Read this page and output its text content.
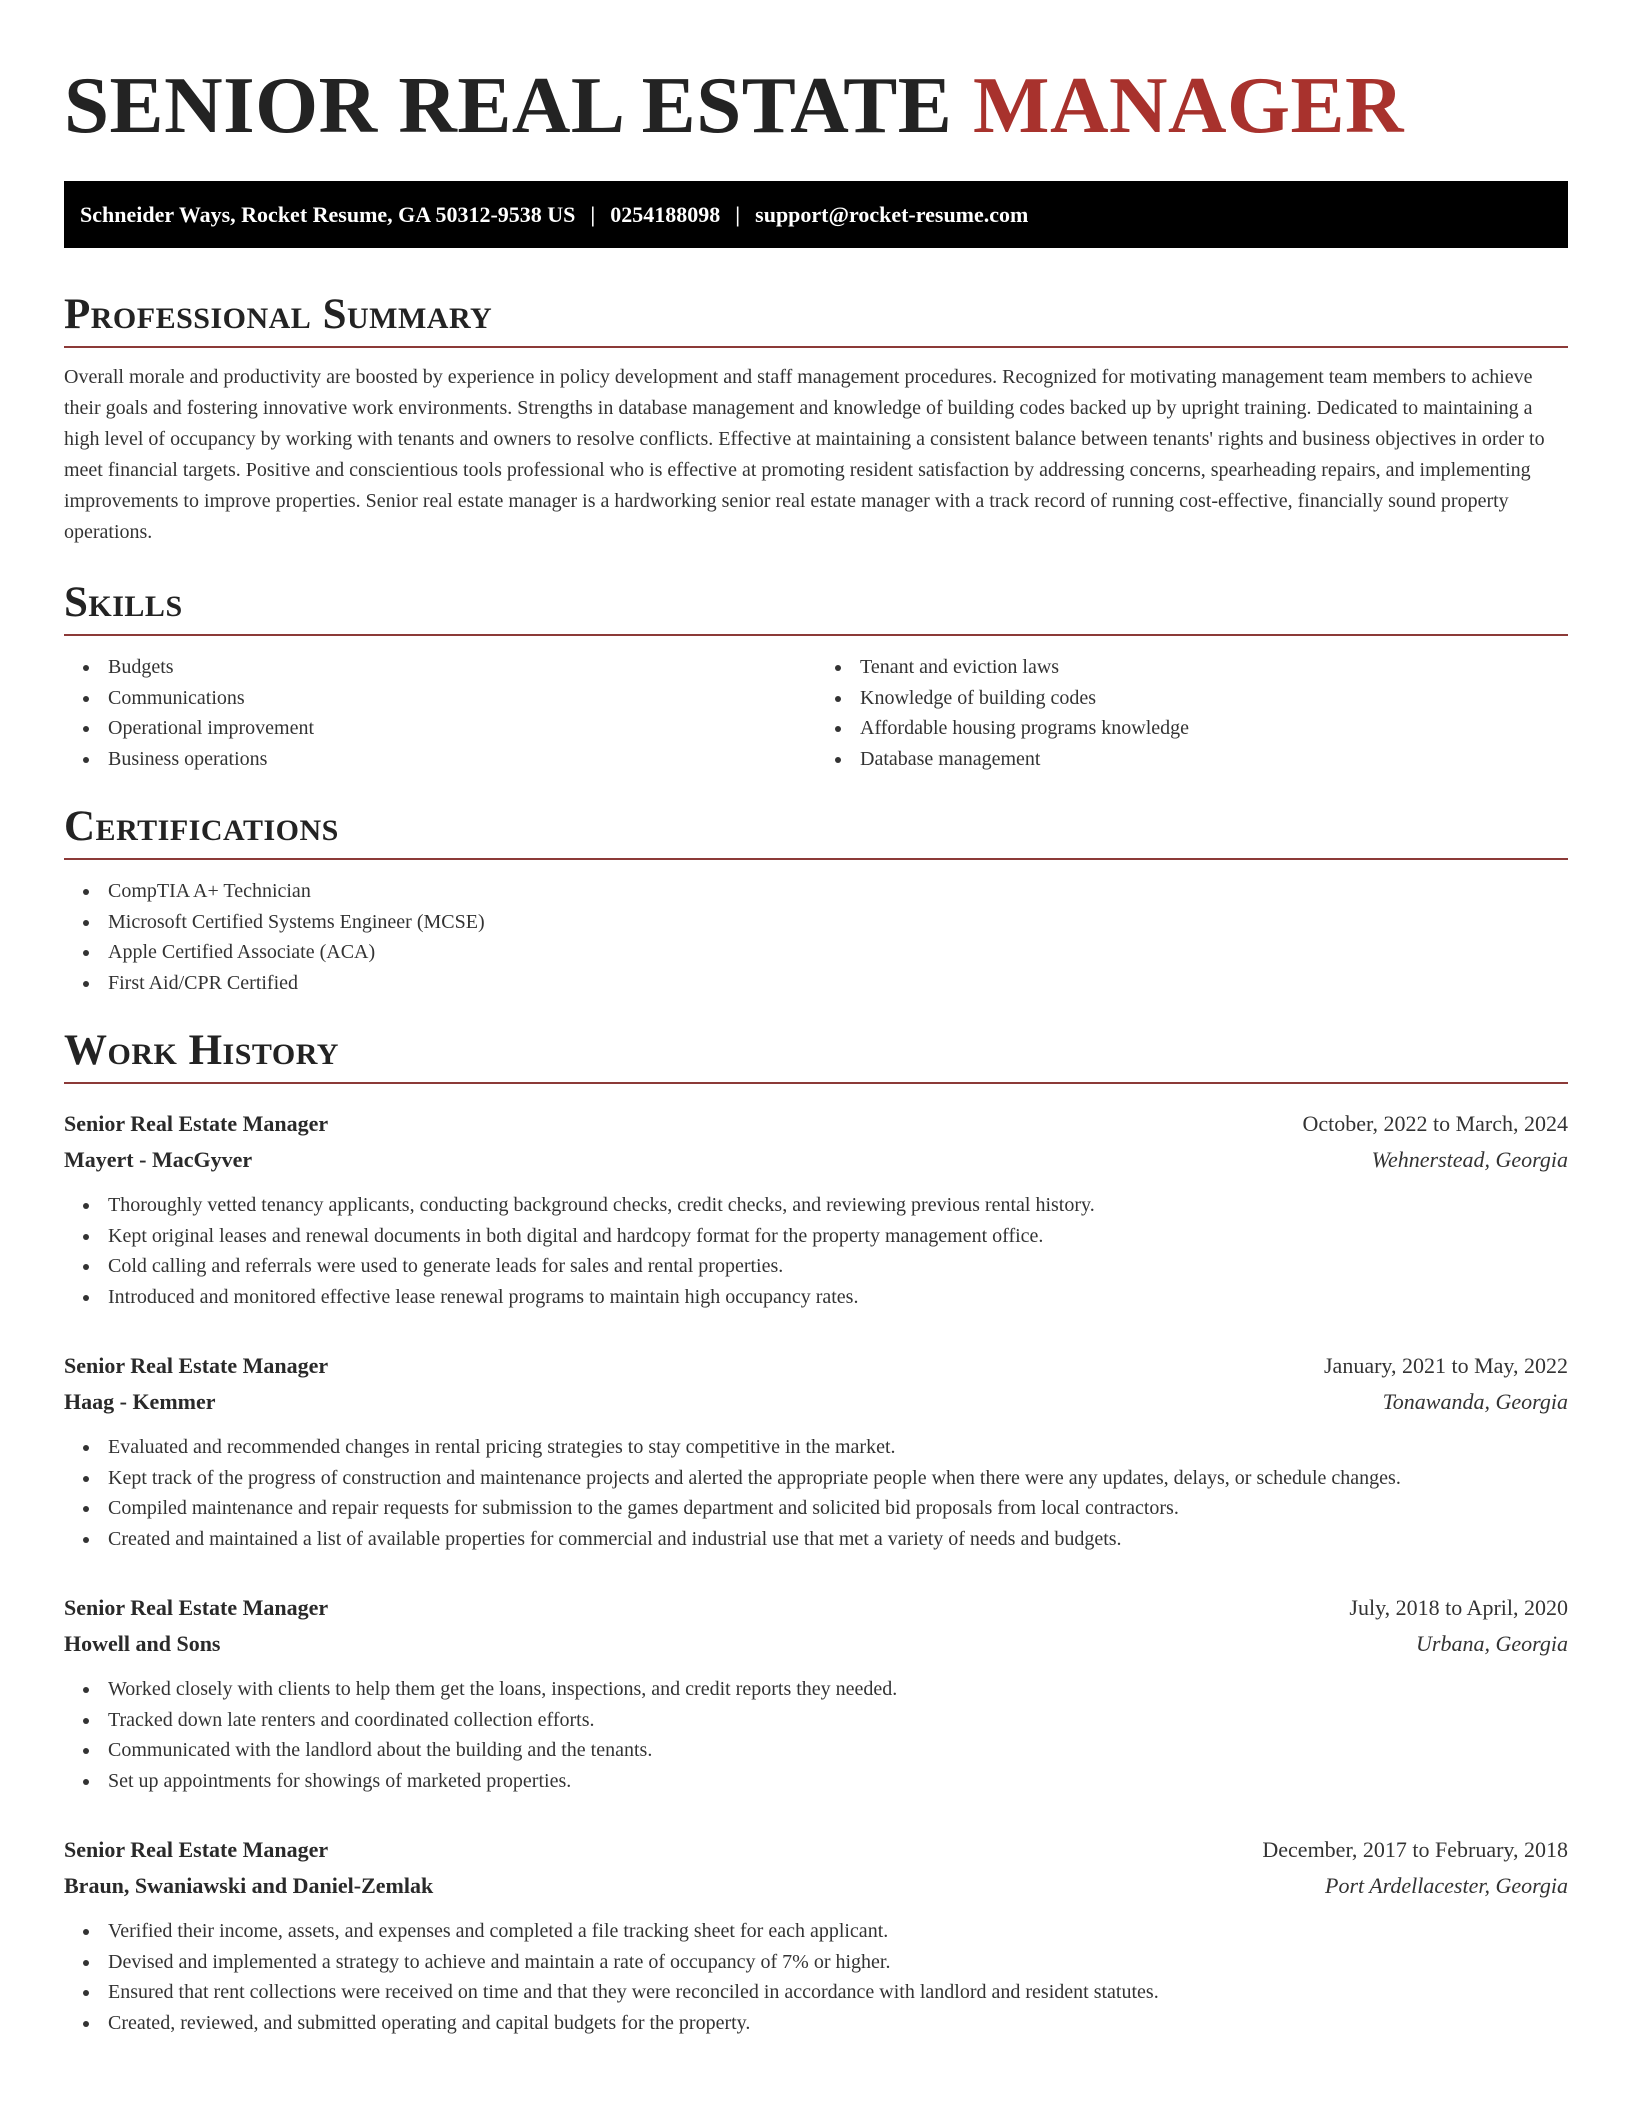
SENIOR REAL ESTATE MANAGER
Schneider Ways, Rocket Resume, GA 50312-9538 US | 0254188098 | support@rocket-resume.com
Professional Summary

Overall morale and productivity are boosted by experience in policy development and staff management procedures. Recognized for motivating management team members to achieve their goals and fostering innovative work environments. Strengths in database management and knowledge of building codes backed up by upright training. Dedicated to maintaining a high level of occupancy by working with tenants and owners to resolve conflicts. Effective at maintaining a consistent balance between tenants' rights and business objectives in order to meet financial targets. Positive and conscientious tools professional who is effective at promoting resident satisfaction by addressing concerns, spearheading repairs, and implementing improvements to improve properties. Senior real estate manager is a hardworking senior real estate manager with a track record of running cost-effective, financially sound property operations.

Skills
Budgets
Communications
Operational improvement
Business operations
Tenant and eviction laws
Knowledge of building codes
Affordable housing programs knowledge
Database management
Certifications
CompTIA A+ Technician
Microsoft Certified Systems Engineer (MCSE)
Apple Certified Associate (ACA)
First Aid/CPR Certified
Work History
Senior Real Estate Manager	October, 2022 to March, 2024
Mayert - MacGyver	Wehnerstead, Georgia
Thoroughly vetted tenancy applicants, conducting background checks, credit checks, and reviewing previous rental history.
Kept original leases and renewal documents in both digital and hardcopy format for the property management office.
Cold calling and referrals were used to generate leads for sales and rental properties.
Introduced and monitored effective lease renewal programs to maintain high occupancy rates.
Senior Real Estate Manager	January, 2021 to May, 2022
Haag - Kemmer	Tonawanda, Georgia
Evaluated and recommended changes in rental pricing strategies to stay competitive in the market.
Kept track of the progress of construction and maintenance projects and alerted the appropriate people when there were any updates, delays, or schedule changes.
Compiled maintenance and repair requests for submission to the games department and solicited bid proposals from local contractors.
Created and maintained a list of available properties for commercial and industrial use that met a variety of needs and budgets.
Senior Real Estate Manager	July, 2018 to April, 2020
Howell and Sons	Urbana, Georgia
Worked closely with clients to help them get the loans, inspections, and credit reports they needed.
Tracked down late renters and coordinated collection efforts.
Communicated with the landlord about the building and the tenants.
Set up appointments for showings of marketed properties.
Senior Real Estate Manager	December, 2017 to February, 2018
Braun, Swaniawski and Daniel-Zemlak	Port Ardellacester, Georgia
Verified their income, assets, and expenses and completed a file tracking sheet for each applicant.
Devised and implemented a strategy to achieve and maintain a rate of occupancy of 7% or higher.
Ensured that rent collections were received on time and that they were reconciled in accordance with landlord and resident statutes.
Created, reviewed, and submitted operating and capital budgets for the property.
